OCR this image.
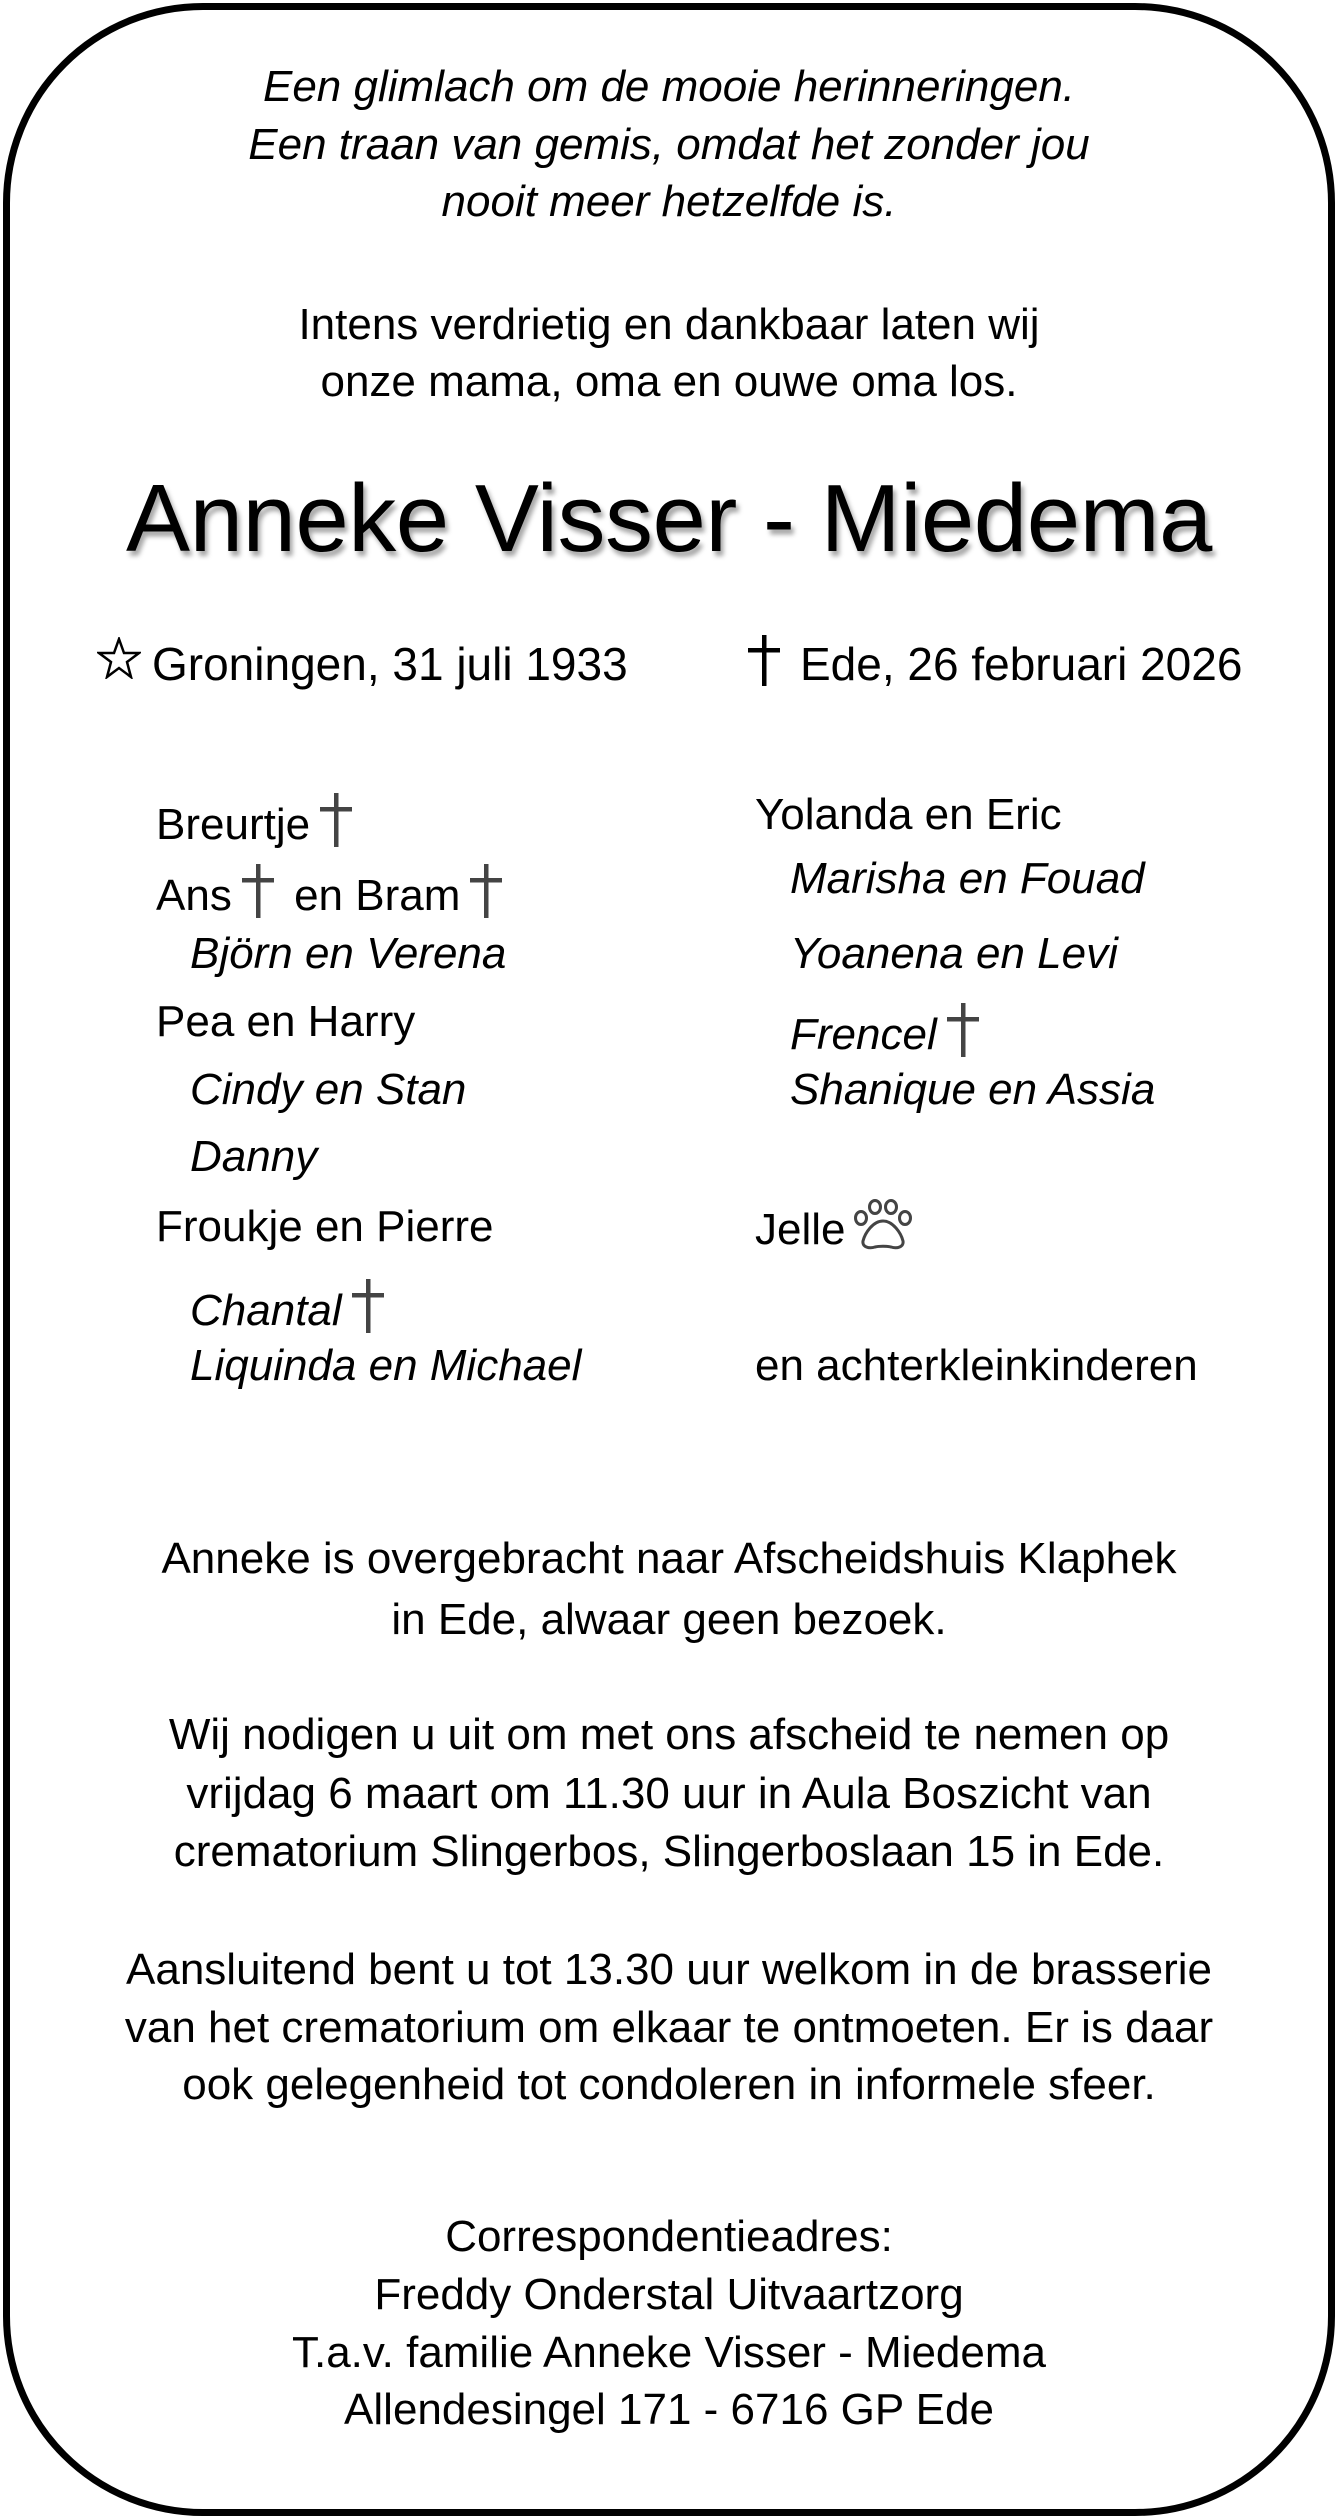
Een glimlach om de mooie herinneringen.
Een traan van gemis, omdat het zonder jou
nooit meer hetzelfde is.
Intens verdrietig en dankbaar laten wij
onze mama, oma en ouwe oma los.
Anneke Visser - Miedema
Groningen, 31 juli 1933	Ede, 26 februari 2026
Breurtje
Ans en Bram
Björn en Verena
Pea en Harry
Cindy en Stan
Danny
Froukje en Pierre
Chantal
Liquinda en Michael
Yolanda en Eric
Marisha en Fouad
Yoanena en Levi
Frencel
Shanique en Assia
Jelle
en achterkleinkinderen
Anneke is overgebracht naar Afscheidshuis Klaphek
in Ede, alwaar geen bezoek.
Wij nodigen u uit om met ons afscheid te nemen op
vrijdag 6 maart om 11.30 uur in Aula Boszicht van
crematorium Slingerbos, Slingerboslaan 15 in Ede.
Aansluitend bent u tot 13.30 uur welkom in de brasserie
van het crematorium om elkaar te ontmoeten. Er is daar
ook gelegenheid tot condoleren in informele sfeer.
Correspondentieadres:
Freddy Onderstal Uitvaartzorg
T.a.v. familie Anneke Visser - Miedema
Allendesingel 171 - 6716 GP Ede
